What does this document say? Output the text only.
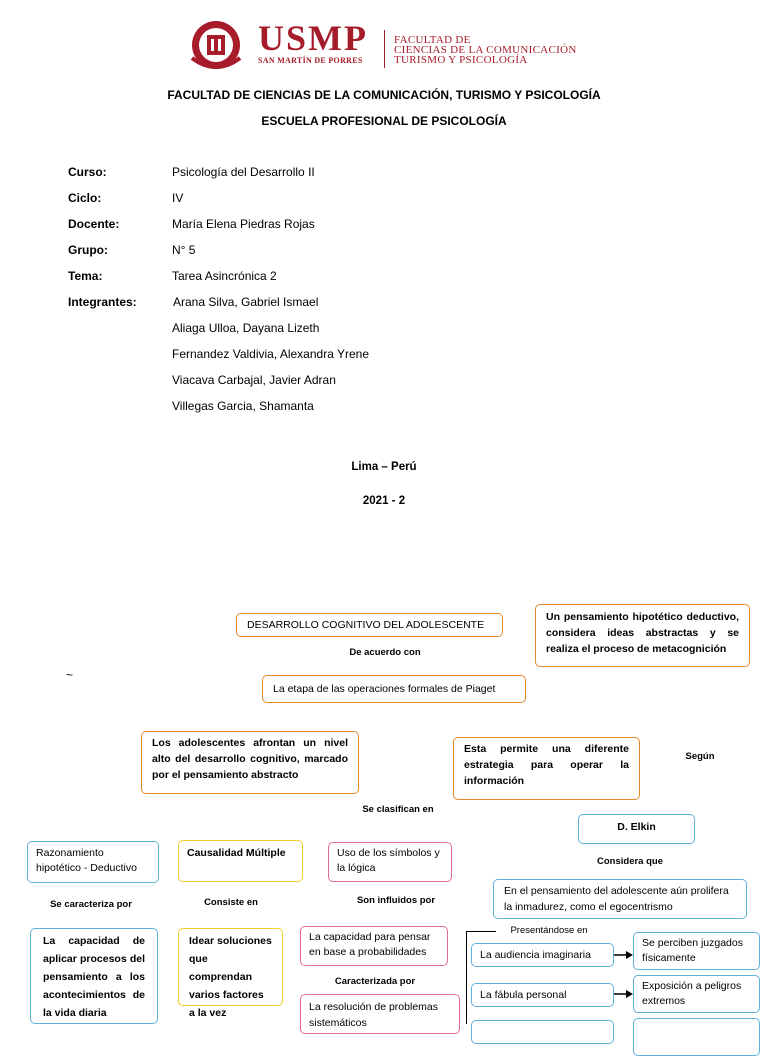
USMP
SAN MARTÍN DE PORRES
FACULTAD DE
CIENCIAS DE LA COMUNICACIÓN
TURISMO Y PSICOLOGÍA
FACULTAD DE CIENCIAS DE LA COMUNICACIÓN, TURISMO Y PSICOLOGÍA
ESCUELA PROFESIONAL DE PSICOLOGÍA
Curso:	Psicología del Desarrollo II
Ciclo:	IV
Docente:	María Elena Piedras Rojas
Grupo:	N° 5
Tema:	Tarea Asincrónica 2
Integrantes:	Arana Silva, Gabriel Ismael
Aliaga Ulloa, Dayana Lizeth
Fernandez Valdivia, Alexandra Yrene
Viacava Carbajal, Javier Adran
Villegas Garcia, Shamanta
Lima – Perú
2021 - 2
DESARROLLO COGNITIVO DEL ADOLESCENTE
Un pensamiento hipotético deductivo, considera ideas abstractas y se realiza el proceso de metacognición
De acuerdo con
~
La etapa de las operaciones formales de Piaget
Los adolescentes afrontan un nivel alto del desarrollo cognitivo, marcado por el pensamiento abstracto
Esta permite una diferente estrategia para operar la información
Según
Se clasifican en
D. Elkin
Considera que
Razonamiento hipotético - Deductivo
Causalidad Múltiple	Uso de los símbolos y la lógica
En el pensamiento del adolescente aún prolifera la inmadurez, como el egocentrismo
Se caracteriza por	Consiste en	Son influidos por
La capacidad de aplicar procesos del pensamiento a los acontecimientos de la vida diaria
Idear soluciones que comprendan varios factores a la vez
La capacidad para pensar en base a probabilidades
Caracterizada por
La resolución de problemas sistemáticos
Presentándose en
La audiencia imaginaria
La fábula personal
Se perciben juzgados físicamente
Exposición a peligros extremos
